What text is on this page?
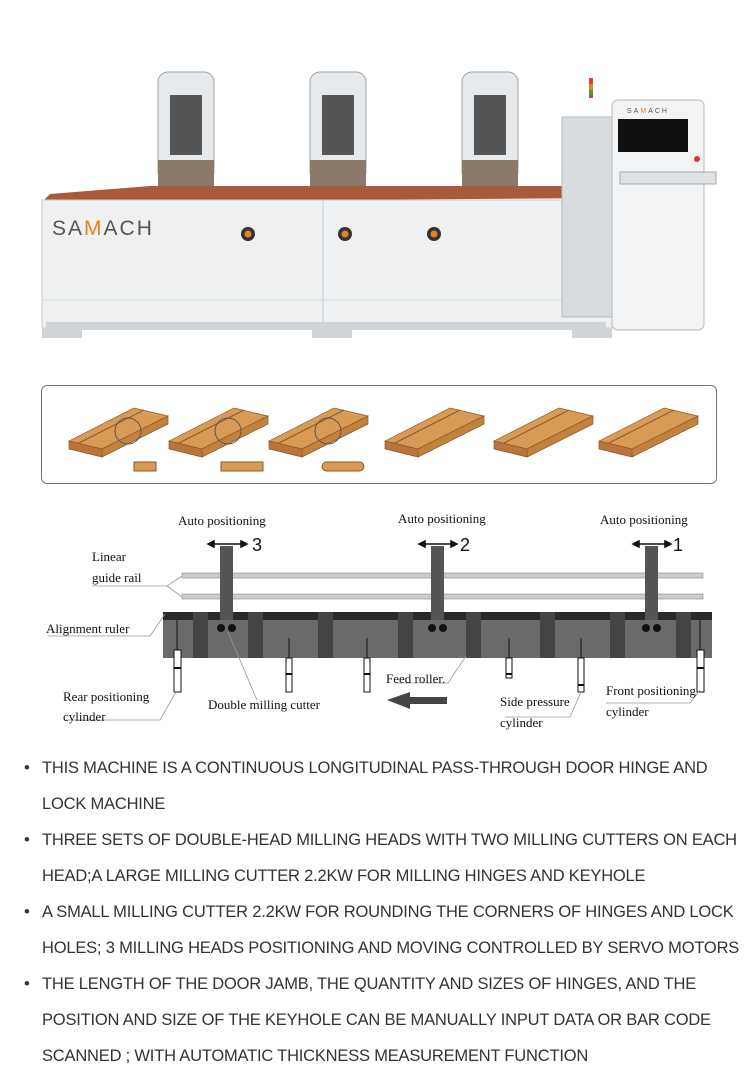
SAMACH
SAMACH
3	2	1
Auto positioning	Auto positioning	Auto positioning
Linear
guide rail
Alignment ruler
Rear positioning
cylinder
Double milling cutter
Feed roller.
Side pressure
cylinder
Front positioning
cylinder
• THIS MACHINE IS A CONTINUOUS LONGITUDINAL PASS-THROUGH DOOR HINGE AND LOCK MACHINE
• THREE SETS OF DOUBLE-HEAD MILLING HEADS WITH TWO MILLING CUTTERS ON EACH HEAD;A LARGE MILLING CUTTER 2.2KW FOR MILLING HINGES AND KEYHOLE
• A SMALL MILLING CUTTER 2.2KW FOR ROUNDING THE CORNERS OF HINGES AND LOCK HOLES; 3 MILLING HEADS POSITIONING AND MOVING CONTROLLED BY SERVO MOTORS
• THE LENGTH OF THE DOOR JAMB, THE QUANTITY AND SIZES OF HINGES, AND THE POSITION AND SIZE OF THE KEYHOLE CAN BE MANUALLY INPUT DATA OR BAR CODE SCANNED ; WITH AUTOMATIC THICKNESS MEASUREMENT FUNCTION
